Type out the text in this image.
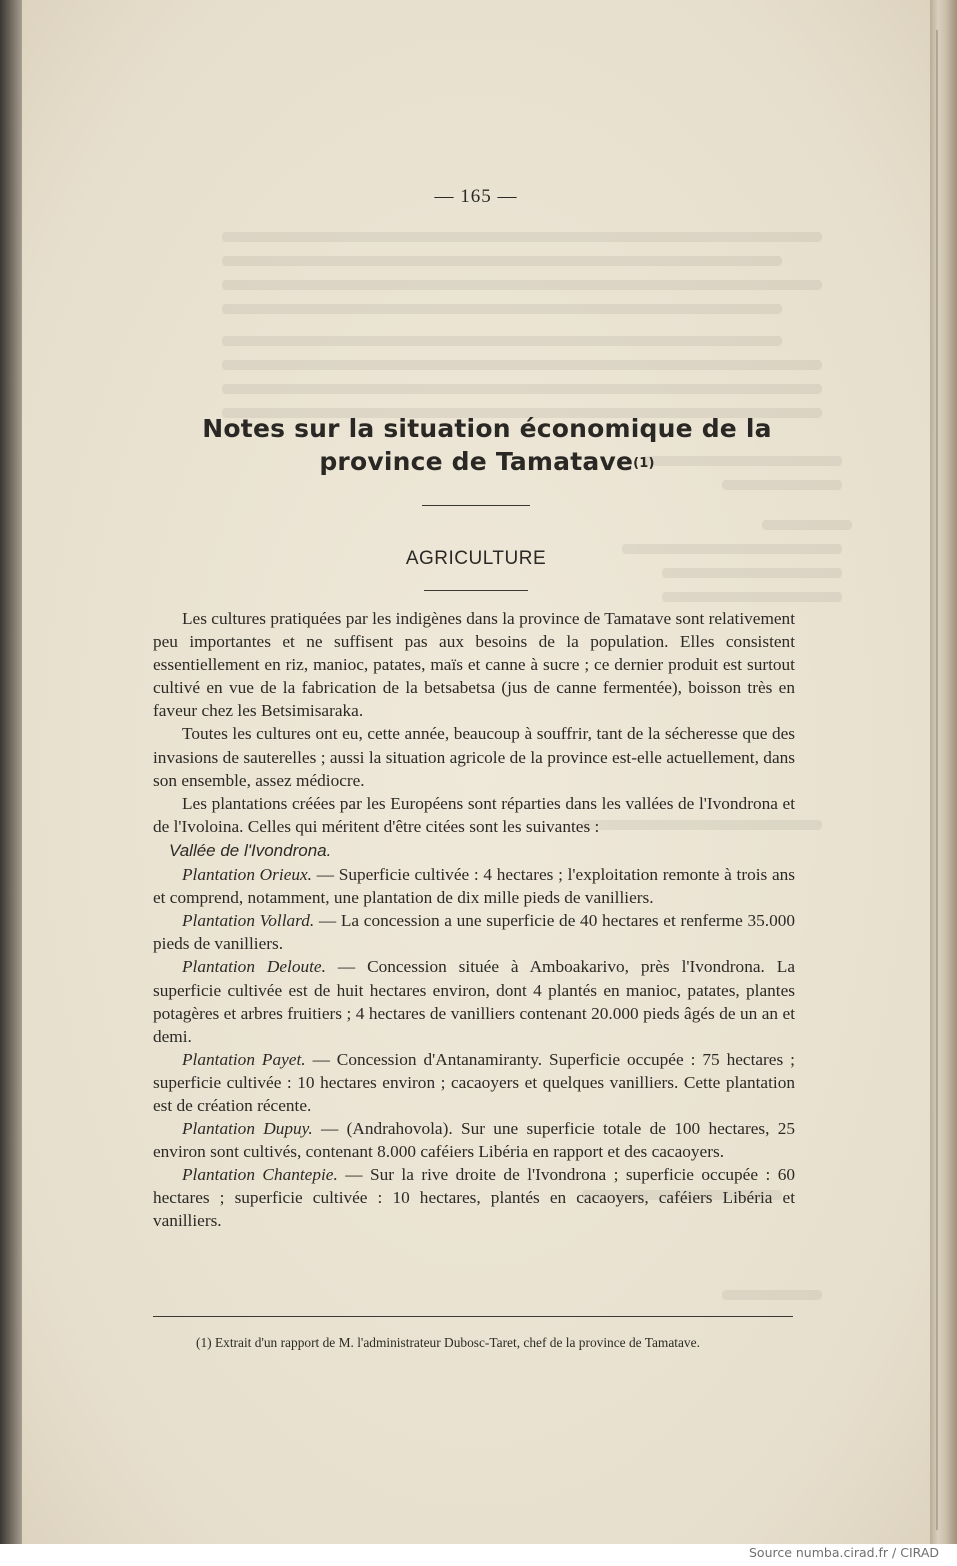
— 165 —
Notes sur la situation économique de la province de Tamatave$^{(1)}$
AGRICULTURE

Les cultures pratiquées par les indigènes dans la province de Tamatave sont relativement peu importantes et ne suffisent pas aux besoins de la population. Elles consistent essentiellement en riz, manioc, patates, maïs et canne à sucre ; ce dernier produit est surtout cultivé en vue de la fabrication de la betsabetsa (jus de canne fermentée), boisson très en faveur chez les Betsimisaraka.

Toutes les cultures ont eu, cette année, beaucoup à souffrir, tant de la sécheresse que des invasions de sauterelles ; aussi la situation agricole de la province est-elle actuellement, dans son ensemble, assez médiocre.

Les plantations créées par les Européens sont réparties dans les vallées de l'Ivondrona et de l'Ivoloina. Celles qui méritent d'être citées sont les suivantes :

Vallée de l'Ivondrona.

Plantation Orieux. — Superficie cultivée : 4 hectares ; l'exploitation remonte à trois ans et comprend, notamment, une plantation de dix mille pieds de vanilliers.

Plantation Vollard. — La concession a une superficie de 40 hectares et renferme 35.000 pieds de vanilliers.

Plantation Deloute. — Concession située à Amboakarivo, près l'Ivondrona. La superficie cultivée est de huit hectares environ, dont 4 plantés en manioc, patates, plantes potagères et arbres fruitiers ; 4 hectares de vanilliers contenant 20.000 pieds âgés de un an et demi.

Plantation Payet. — Concession d'Antanamiranty. Superficie occupée : 75 hectares ; superficie cultivée : 10 hectares environ ; cacaoyers et quelques vanilliers. Cette plantation est de création récente.

Plantation Dupuy. — (Andrahovola). Sur une superficie totale de 100 hectares, 25 environ sont cultivés, contenant 8.000 caféiers Libéria en rapport et des cacaoyers.

Plantation Chantepie. — Sur la rive droite de l'Ivondrona ; superficie occupée : 60 hectares ; superficie cultivée : 10 hectares, plantés en cacaoyers, caféiers Libéria et vanilliers.

(1) Extrait d'un rapport de M. l'administrateur Dubosc-Taret, chef de la province de Tamatave.
Source numba.cirad.fr / CIRAD
